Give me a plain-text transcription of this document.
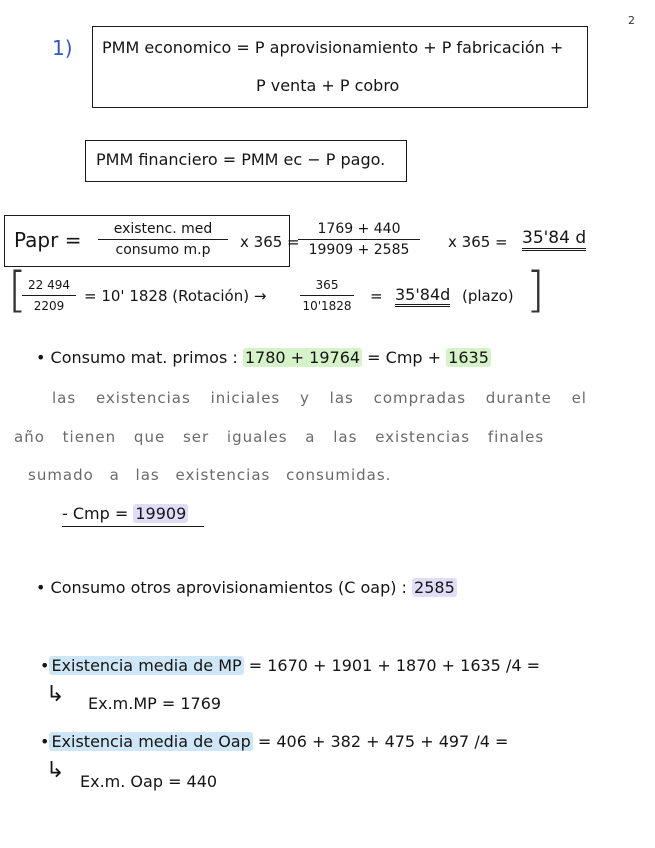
2
1) PMM economico = P aprovisionamiento + P fabricación +
P venta + P cobro
PMM financiero = PMM ec − P pago.
Papr =	existenc. med
consumo m.p	x 365 =
1769 + 440
19909 + 2585	x 365 = 35'84 d
[	]
22 494
2209
= 10' 1828 (Rotación) →
365
10'1828
= 35'84d (plazo)
• Consumo mat. primos : 1780 + 19764 = Cmp + 1635
las existencias iniciales y las compradas durante el
año tienen que ser iguales a las existencias finales
sumado a las existencias consumidas.
- Cmp = 19909
• Consumo otros aprovisionamientos (C oap) : 2585
• Existencia media de MP = 1670 + 1901 + 1870 + 1635 /4 =
↳ Ex.m.MP = 1769
• Existencia media de Oap = 406 + 382 + 475 + 497 /4 =
↳ Ex.m. Oap = 440
